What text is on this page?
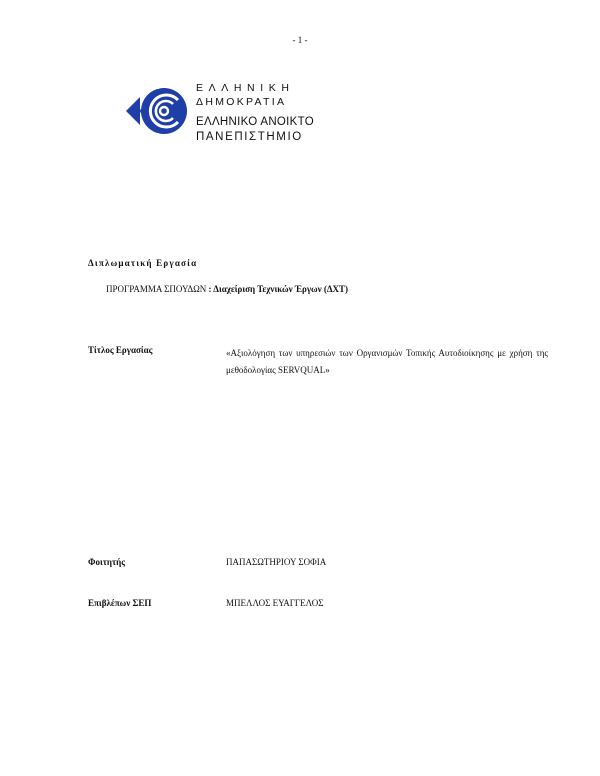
- 1 -
ΕΛΛΗΝΙΚΗ
ΔΗΜΟΚΡΑΤΙΑ
ΕΛΛΗΝΙΚΟ ΑΝΟΙΚΤΟ
ΠΑΝΕΠΙΣΤΗΜΙΟ
Διπλωματική Εργασία
ΠΡΟΓΡΑΜΜΑ ΣΠΟΥΔΩΝ : Διαχείριση Τεχνικών Έργων (ΔΧΤ)
Τίτλος Εργασίας	«Αξιολόγηση των υπηρεσιών των Οργανισμών Τοπικής Αυτοδιοίκησης με χρήση της μεθοδολογίας SERVQUAL»
Φοιτητής	ΠΑΠΑΣΩΤΗΡΙΟΥ ΣΟΦΙΑ
Επιβλέπων ΣΕΠ	ΜΠΕΛΛΟΣ ΕΥΑΓΓΕΛΟΣ
